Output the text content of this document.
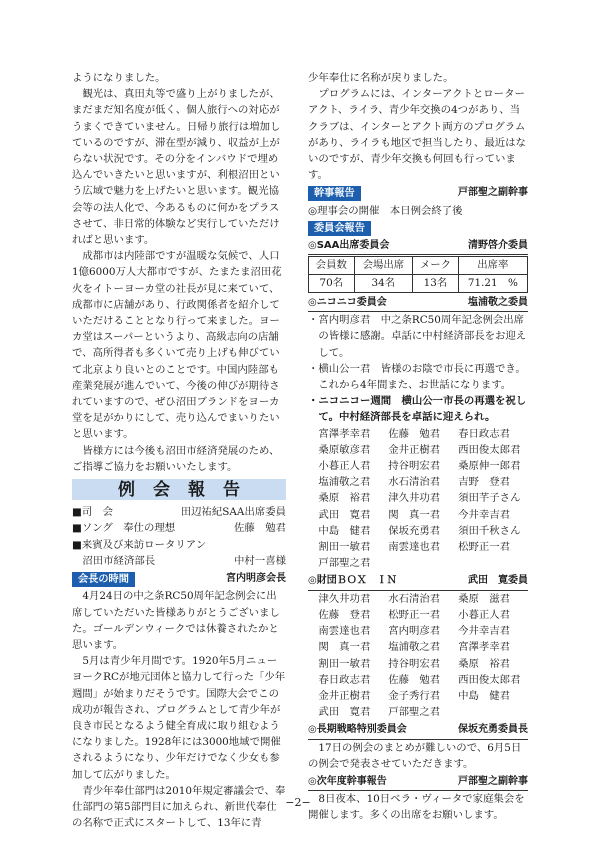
ようになりました。

観光は、真田丸等で盛り上がりましたが、まだまだ知名度が低く、個人旅行への対応がうまくできていません。日帰り旅行は増加しているのですが、滞在型が減り、収益が上がらない状況です。その分をインバウドで埋め込んでいきたいと思いますが、利根沼田という広域で魅力を上げたいと思います。観光協会等の法人化で、今あるものに何かをプラスさせて、非日常的体験など実行していただければと思います。

成都市は内陸部ですが温暖な気候で、人口1億6000万人大都市ですが、たまたま沼田花火をイトーヨーカ堂の社長が見に来ていて、成都市に店舗があり、行政関係者を紹介していただけることとなり行って来ました。ヨーカ堂はスーパーというより、高級志向の店舗で、高所得者も多くいて売り上げも伸びていて北京より良いとのことです。中国内陸部も産業発展が進んでいて、今後の伸びが期待されていますので、ぜひ沼田ブランドをヨーカ堂を足がかりにして、売り込んでまいりたいと思います。

皆様方には今後も沼田市経済発展のため、ご指導ご協力をお願いいたします。

例会報告
■司　会	田辺祐紀SAA出席委員
■ソング　奉仕の理想	佐藤　勉君

■来賓及び来訪ロータリアン

沼田市経済部長	中村一喜様
会長の時間	宮内明彦会長

4月24日の中之条RC50周年記念例会に出席していただいた皆様ありがとうございました。ゴールデンウィークでは休養されたかと思います。

5月は青少年月間です。1920年5月ニューヨークRCが地元団体と協力して行った「少年週間」が始まりだそうです。国際大会でこの成功が報告され、プログラムとして青少年が良き市民となるよう健全育成に取り組むようになりました。1928年には3000地域で開催されるようになり、少年だけでなく少女も参加して広がりました。

青少年奉仕部門は2010年規定審議会で、奉仕部門の第5部門目に加えられ、新世代奉仕の名称で正式にスタートして、13年に青

少年奉仕に名称が戻りました。

プログラムには、インターアクトとローターアクト、ライラ、青少年交換の4つがあり、当クラブは、インターとアクト両方のプログラムがあり、ライラも地区で担当したり、最近はないのですが、青少年交換も何回も行っています。

幹事報告	戸部聖之副幹事

◎理事会の開催　本日例会終了後

委員会報告
◎SAA出席委員会	清野啓介委員
会員数	会場出席	メーク	出席率
70名	34名	13名	71.21　%
◎ニコニコ委員会	塩浦敬之委員

・宮内明彦君　中之条RC50周年記念例会出席の皆様に感謝。卓話に中村経済部長をお迎えして。

・横山公一君　皆様のお陰で市長に再選でき。これから4年間また、お世話になります。

・ニコニコー週間　横山公一市長の再選を祝して。中村経済部長を卓話に迎えられ。

宮澤孝幸君	佐藤　勉君	春日政志君
桑原敏彦君	金井正樹君	西田俊太郎君
小暮正人君	持谷明宏君	桑原伸一郎君
塩浦敬之君	水石清治君	吉野　登君
桑原　裕君	津久井功君	須田芊子さん
武田　寛君	関　真一君	今井幸吉君
中島　健君	保坂充勇君	須田千秋さん
割田一敏君	南雲達也君	松野正一君
戸部聖之君
◎財団ＢＯＸ　ＩＮ	武田　寛委員
津久井功君	水石清治君	桑原　滋君
佐藤　登君	松野正一君	小暮正人君
南雲達也君	宮内明彦君	今井幸吉君
関　真一君	塩浦敬之君	宮澤孝幸君
割田一敏君	持谷明宏君	桑原　裕君
春日政志君	佐藤　勉君	西田俊太郎君
金井正樹君	金子秀行君	中島　健君
武田　寛君	戸部聖之君
◎長期戦略特別委員会	保坂充勇委員長

17日の例会のまとめが難しいので、6月5日の例会で発表させていただきます。

◎次年度幹事報告	戸部聖之副幹事

8日夜本、10日ベラ・ヴィータで家庭集会を開催します。多くの出席をお願いします。

−2−
